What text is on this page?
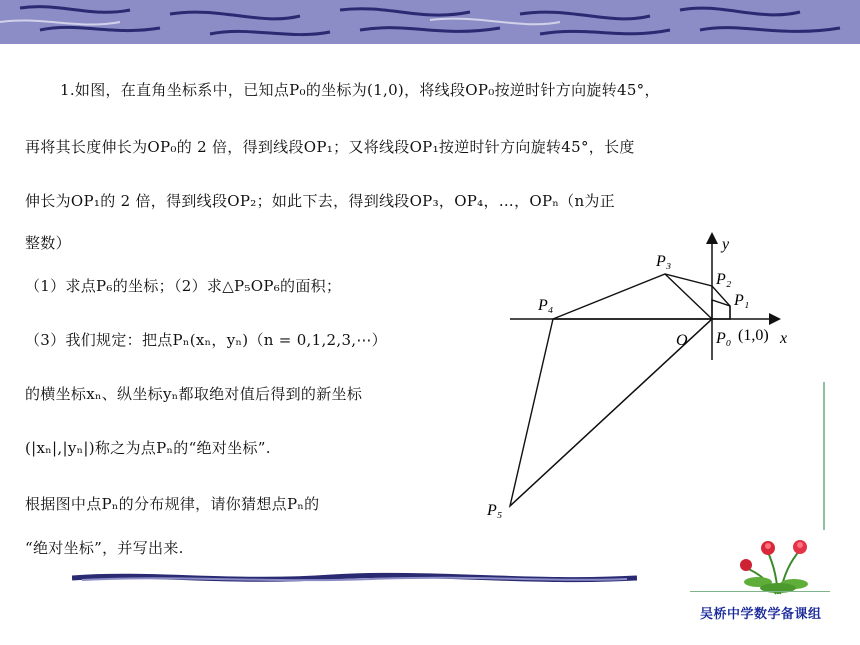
1.如图，在直角坐标系中，已知点P₀的坐标为(1,0)，将线段OP₀按逆时针方向旋转45°，
再将其长度伸长为OP₀的 2 倍，得到线段OP₁；又将线段OP₁按逆时针方向旋转45°，长度
伸长为OP₁的 2 倍，得到线段OP₂；如此下去，得到线段OP₃，OP₄，…，OPₙ（n为正
整数）
（1）求点P₆的坐标；（2）求△P₅OP₆的面积；
（3）我们规定：把点Pₙ(xₙ，yₙ)（n = 0,1,2,3,⋯）
的横坐标xₙ、纵坐标yₙ都取绝对值后得到的新坐标
(|xₙ|,|yₙ|)称之为点Pₙ的“绝对坐标”.
根据图中点Pₙ的分布规律，请你猜想点Pₙ的
“绝对坐标”，并写出来.
y
x
O P₀ (1,0)
P₁
P₂
P₃
P₄
P₅
吴桥中学数学备课组
